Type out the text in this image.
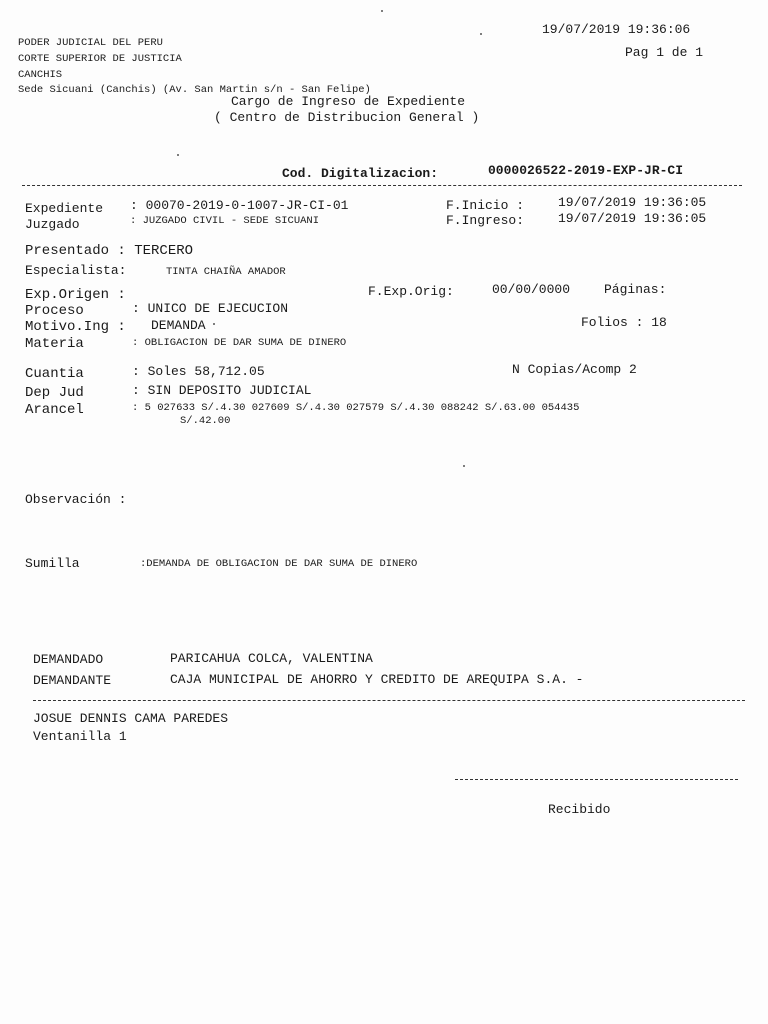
PODER JUDICIAL DEL PERU
CORTE SUPERIOR DE JUSTICIA
CANCHIS
Sede Sicuani (Canchis) (Av. San Martin s/n - San Felipe)
19/07/2019 19:36:06
Pag 1 de 1
Cargo de Ingreso de Expediente
( Centro de Distribucion General )
Cod. Digitalizacion:	0000026522-2019-EXP-JR-CI
Expediente : 00070-2019-0-1007-JR-CI-01
Juzgado	: JUZGADO CIVIL - SEDE SICUANI
F.Inicio :	19/07/2019 19:36:05
F.Ingreso:	19/07/2019 19:36:05
Presentado : TERCERO
Especialista:	TINTA CHAIÑA AMADOR
Exp.Origen :	F.Exp.Orig:	00/00/0000	Páginas:
Proceso	: UNICO DE EJECUCION
Motivo.Ing : DEMANDA	Folios : 18
Materia	: OBLIGACION DE DAR SUMA DE DINERO
Cuantia	: Soles 58,712.05	N Copias/Acomp 2
Dep Jud	: SIN DEPOSITO JUDICIAL
Arancel	: 5 027633 S/.4.30 027609 S/.4.30 027579 S/.4.30 088242 S/.63.00 054435
S/.42.00
Observación :
Sumilla	:DEMANDA DE OBLIGACION DE DAR SUMA DE DINERO
DEMANDADO	PARICAHUA COLCA, VALENTINA
DEMANDANTE	CAJA MUNICIPAL DE AHORRO Y CREDITO DE AREQUIPA S.A. -
JOSUE DENNIS CAMA PAREDES
Ventanilla 1
Recibido
